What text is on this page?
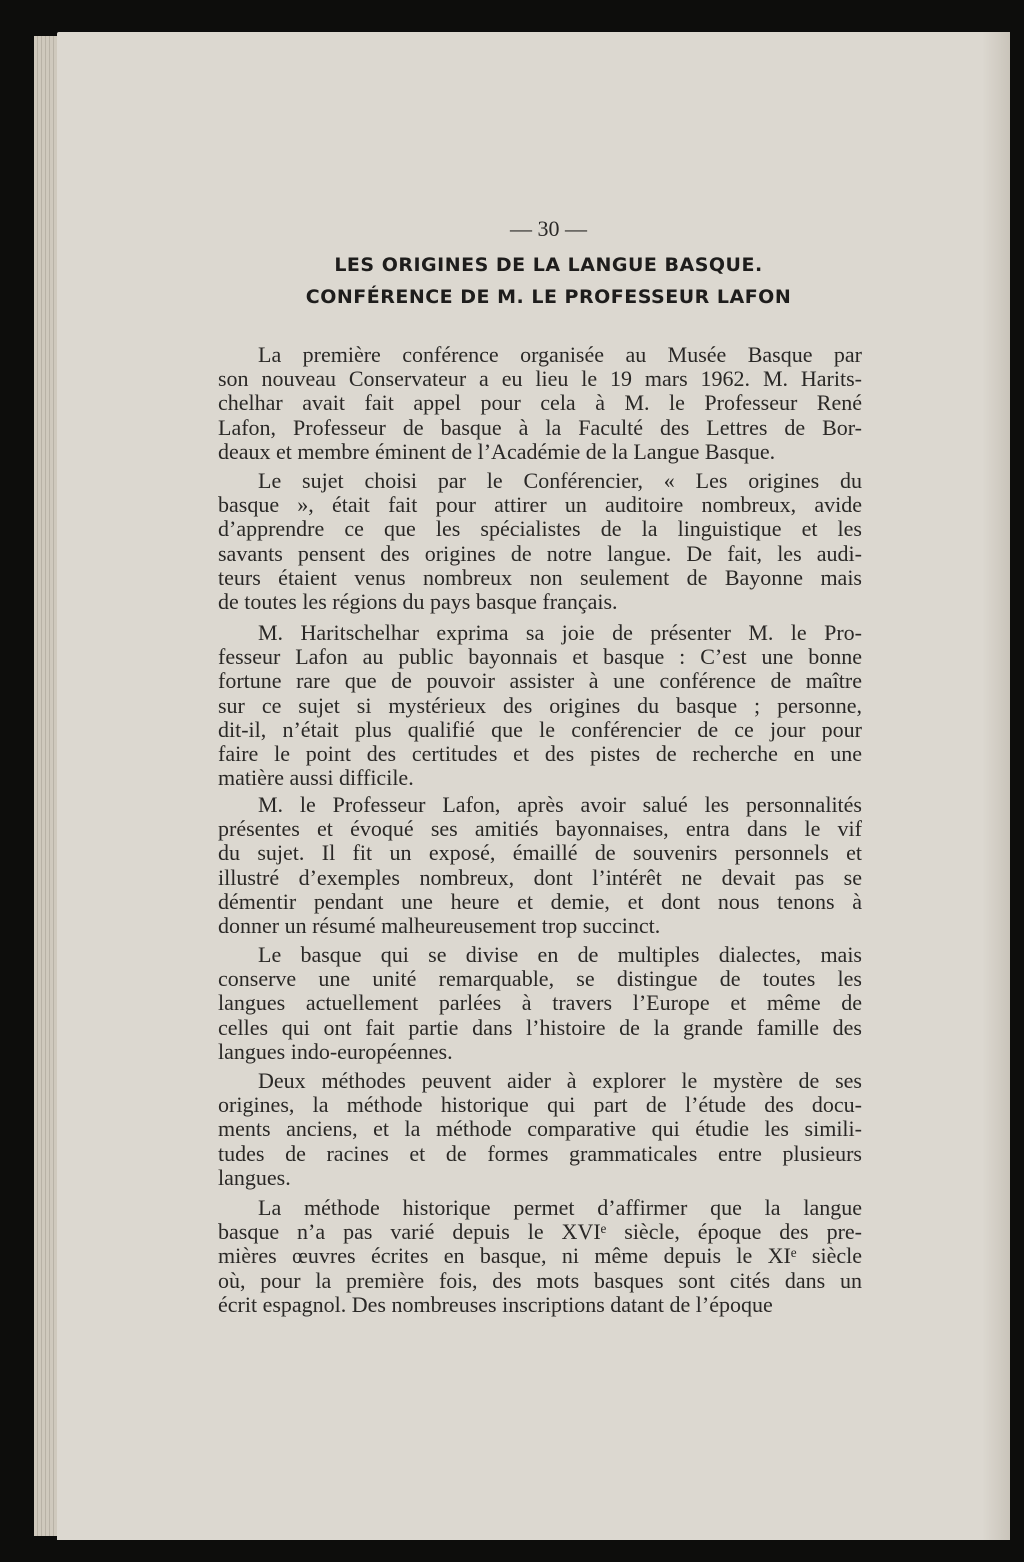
— 30 —
LES ORIGINES DE LA LANGUE BASQUE.
CONFÉRENCE DE M. LE PROFESSEUR LAFON
La première conférence organisée au Musée Basque par
son nouveau Conservateur a eu lieu le 19 mars 1962. M. Harits-
chelhar avait fait appel pour cela à M. le Professeur René
Lafon, Professeur de basque à la Faculté des Lettres de Bor-
deaux et membre éminent de l’Académie de la Langue Basque.
Le sujet choisi par le Conférencier, « Les origines du
basque », était fait pour attirer un auditoire nombreux, avide
d’apprendre ce que les spécialistes de la linguistique et les
savants pensent des origines de notre langue. De fait, les audi-
teurs étaient venus nombreux non seulement de Bayonne mais
de toutes les régions du pays basque français.
M. Haritschelhar exprima sa joie de présenter M. le Pro-
fesseur Lafon au public bayonnais et basque : C’est une bonne
fortune rare que de pouvoir assister à une conférence de maître
sur ce sujet si mystérieux des origines du basque ; personne,
dit-il, n’était plus qualifié que le conférencier de ce jour pour
faire le point des certitudes et des pistes de recherche en une
matière aussi difficile.
M. le Professeur Lafon, après avoir salué les personnalités
présentes et évoqué ses amitiés bayonnaises, entra dans le vif
du sujet. Il fit un exposé, émaillé de souvenirs personnels et
illustré d’exemples nombreux, dont l’intérêt ne devait pas se
démentir pendant une heure et demie, et dont nous tenons à
donner un résumé malheureusement trop succinct.
Le basque qui se divise en de multiples dialectes, mais
conserve une unité remarquable, se distingue de toutes les
langues actuellement parlées à travers l’Europe et même de
celles qui ont fait partie dans l’histoire de la grande famille des
langues indo-européennes.
Deux méthodes peuvent aider à explorer le mystère de ses
origines, la méthode historique qui part de l’étude des docu-
ments anciens, et la méthode comparative qui étudie les simili-
tudes de racines et de formes grammaticales entre plusieurs
langues.
La méthode historique permet d’affirmer que la langue
basque n’a pas varié depuis le XVIᵉ siècle, époque des pre-
mières œuvres écrites en basque, ni même depuis le XIᵉ siècle
où, pour la première fois, des mots basques sont cités dans un
écrit espagnol. Des nombreuses inscriptions datant de l’époque
